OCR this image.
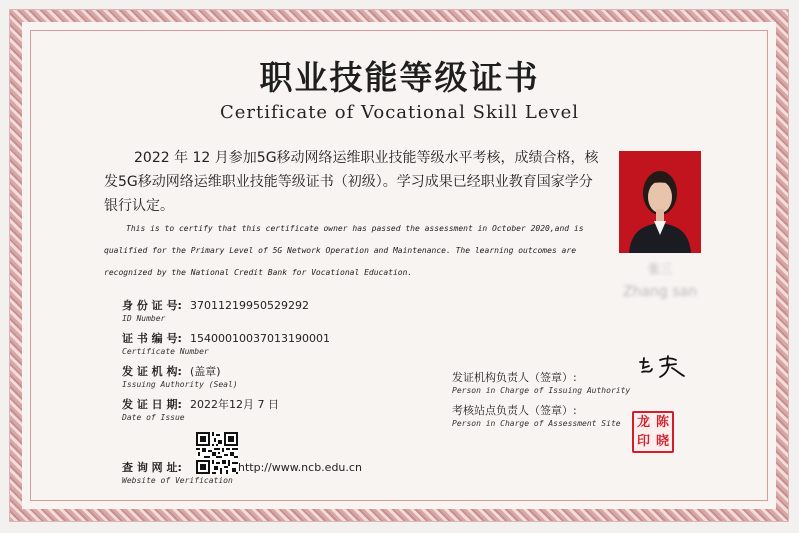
职业技能等级证书
Certificate of Vocational Skill Level
2022 年 12 月参加5G移动网络运维职业技能等级水平考核，成绩合格，核发5G移动网络运维职业技能等级证书（初级）。学习成果已经职业教育国家学分银行认定。
This is to certify that this certificate owner has passed the assessment in October 2020,and is qualified for the Primary Level of 5G Network Operation and Maintenance. The learning outcomes are recognized by the National Credit Bank for Vocational Education.
身 份 证 号: 370112199505292​92
ID Number
证 书 编 号: 15400010037013190001
Certificate Number
发 证 机 构: (盖章)
Issuing Authority (Seal)
发 证 日 期: 2022年12月 7 日
Date of Issue
查 询 网 址:	http://www.ncb.edu.cn
Website of Verification
张三
Zhang san
发证机构负责人（签章）:
Person in Charge of Issuing Authority
考核站点负责人（签章）:
Person in Charge of Assessment Site	龙 陈
印 晓
